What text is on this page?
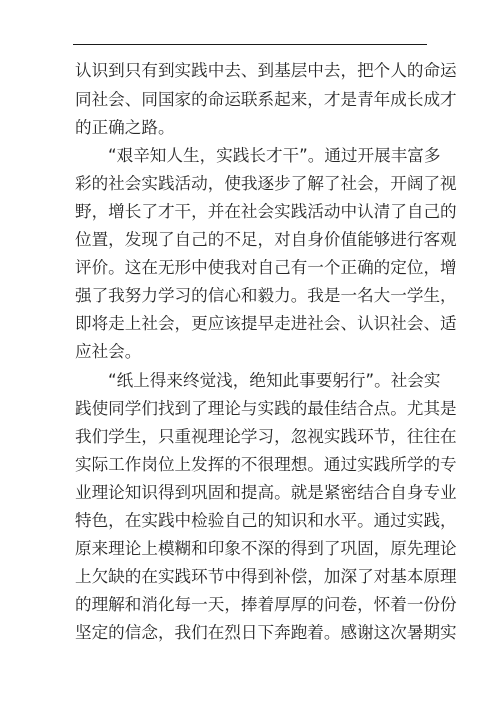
认识到只有到实践中去、到基层中去，把个人的命运
同社会、同国家的命运联系起来，才是青年成长成才
的正确之路。
“艰辛知人生，实践长才干”。通过开展丰富多
彩的社会实践活动，使我逐步了解了社会，开阔了视
野，增长了才干，并在社会实践活动中认清了自己的
位置，发现了自己的不足，对自身价值能够进行客观
评价。这在无形中使我对自己有一个正确的定位，增
强了我努力学习的信心和毅力。我是一名大一学生，
即将走上社会，更应该提早走进社会、认识社会、适
应社会。
“纸上得来终觉浅，绝知此事要躬行”。社会实
践使同学们找到了理论与实践的最佳结合点。尤其是
我们学生，只重视理论学习，忽视实践环节，往往在
实际工作岗位上发挥的不很理想。通过实践所学的专
业理论知识得到巩固和提高。就是紧密结合自身专业
特色，在实践中检验自己的知识和水平。通过实践，
原来理论上模糊和印象不深的得到了巩固，原先理论
上欠缺的在实践环节中得到补偿，加深了对基本原理
的理解和消化每一天，捧着厚厚的问卷，怀着一份份
坚定的信念，我们在烈日下奔跑着。感谢这次暑期实
